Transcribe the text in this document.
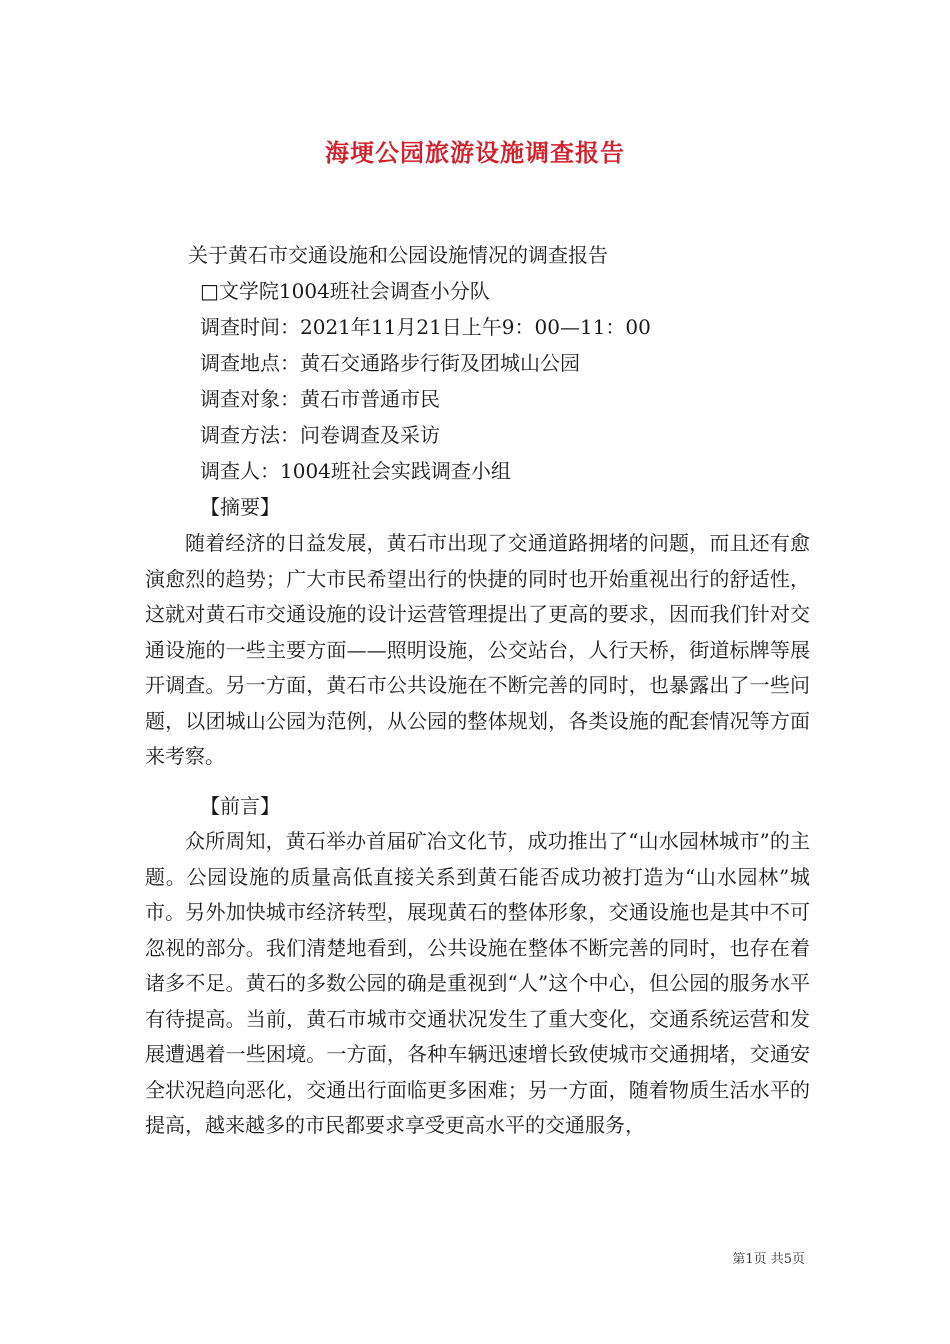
海埂公园旅游设施调查报告
关于黄石市交通设施和公园设施情况的调查报告
□文学院1004班社会调查小分队
调查时间：2021年11月21日上午9：00—11：00
调查地点：黄石交通路步行街及团城山公园
调查对象：黄石市普通市民
调查方法：问卷调查及采访
调查人：1004班社会实践调查小组
【摘要】

随着经济的日益发展，黄石市出现了交通道路拥堵的问题，而且还有愈演愈烈的趋势；广大市民希望出行的快捷的同时也开始重视出行的舒适性，这就对黄石市交通设施的设计运营管理提出了更高的要求，因而我们针对交通设施的一些主要方面——照明设施，公交站台，人行天桥，街道标牌等展开调查。另一方面，黄石市公共设施在不断完善的同时，也暴露出了一些问题，以团城山公园为范例，从公园的整体规划，各类设施的配套情况等方面来考察。

【前言】

众所周知，黄石举办首届矿冶文化节，成功推出了“山水园林城市”的主题。公园设施的质量高低直接关系到黄石能否成功被打造为“山水园林”城市。另外加快城市经济转型，展现黄石的整体形象，交通设施也是其中不可忽视的部分。我们清楚地看到，公共设施在整体不断完善的同时，也存在着诸多不足。黄石的多数公园的确是重视到“人”这个中心，但公园的服务水平有待提高。当前，黄石市城市交通状况发生了重大变化，交通系统运营和发展遭遇着一些困境。一方面，各种车辆迅速增长致使城市交通拥堵，交通安全状况趋向恶化，交通出行面临更多困难；另一方面，随着物质生活水平的提高，越来越多的市民都要求享受更高水平的交通服务，

第1页 共5页
